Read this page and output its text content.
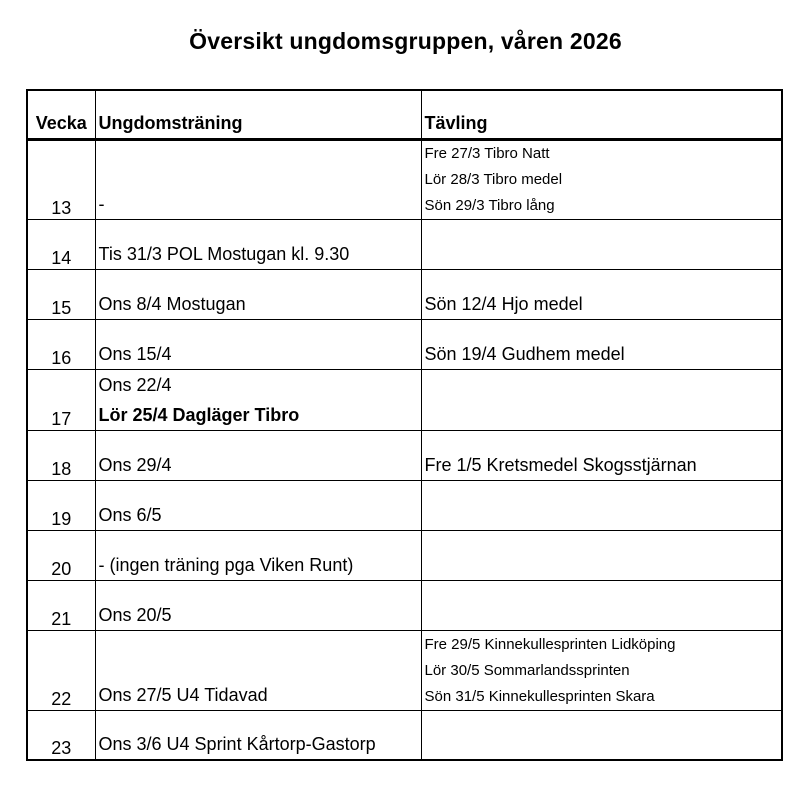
Översikt ungdomsgruppen, våren 2026
Vecka	Ungdomsträning	Tävling
13	-	Fre 27/3 Tibro Natt
Lör 28/3 Tibro medel
Sön 29/3 Tibro lång

14	Tis 31/3 POL Mostugan kl. 9.30	

15	Ons 8/4 Mostugan	Sön 12/4 Hjo medel

16	Ons 15/4	Sön 19/4 Gudhem medel

17	Ons 22/4
Lör 25/4 Dagläger Tibro	

18	Ons 29/4	Fre 1/5 Kretsmedel Skogsstjärnan

19	Ons 6/5	

20	- (ingen träning pga Viken Runt)	

21	Ons 20/5	

22	Ons 27/5 U4 Tidavad	Fre 29/5 Kinnekullesprinten Lidköping
Lör 30/5 Sommarlandssprinten
Sön 31/5 Kinnekullesprinten Skara

23	Ons 3/6 U4 Sprint Kårtorp-Gastorp	
